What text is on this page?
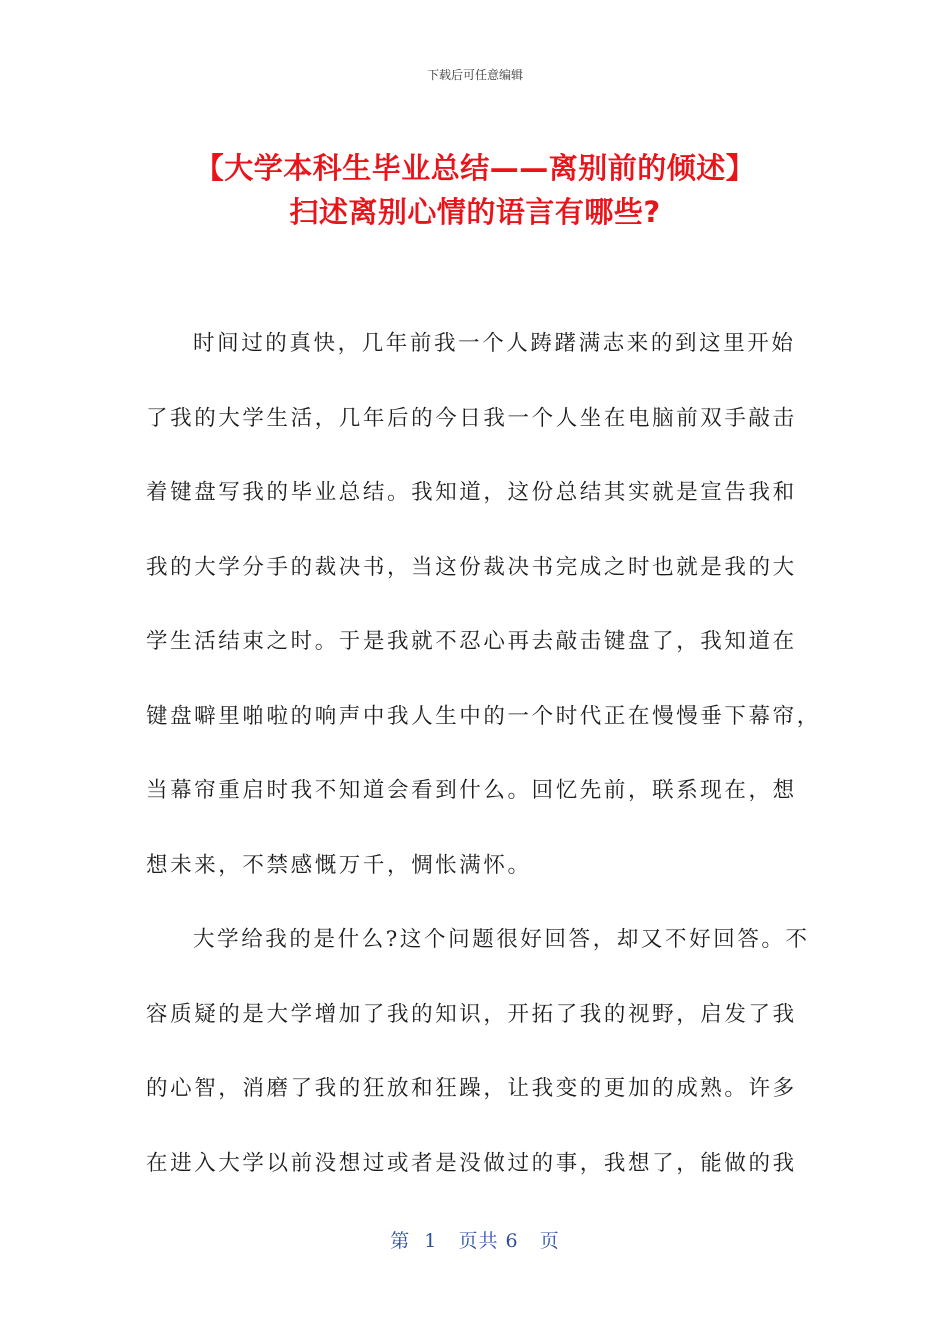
下载后可任意编辑
【大学本科生毕业总结——离别前的倾述】
扫述离别心情的语言有哪些?
时间过的真快，几年前我一个人踌躇满志来的到这里开始
了我的大学生活，几年后的今日我一个人坐在电脑前双手敲击
着键盘写我的毕业总结。我知道，这份总结其实就是宣告我和
我的大学分手的裁决书，当这份裁决书完成之时也就是我的大
学生活结束之时。于是我就不忍心再去敲击键盘了，我知道在
键盘噼里啪啦的响声中我人生中的一个时代正在慢慢垂下幕帘，
当幕帘重启时我不知道会看到什么。回忆先前，联系现在，想
想未来，不禁感慨万千，惆怅满怀。
大学给我的是什么?这个问题很好回答，却又不好回答。不
容质疑的是大学增加了我的知识，开拓了我的视野，启发了我
的心智，消磨了我的狂放和狂躁，让我变的更加的成熟。许多
在进入大学以前没想过或者是没做过的事，我想了，能做的我
第  1   页共 6   页
